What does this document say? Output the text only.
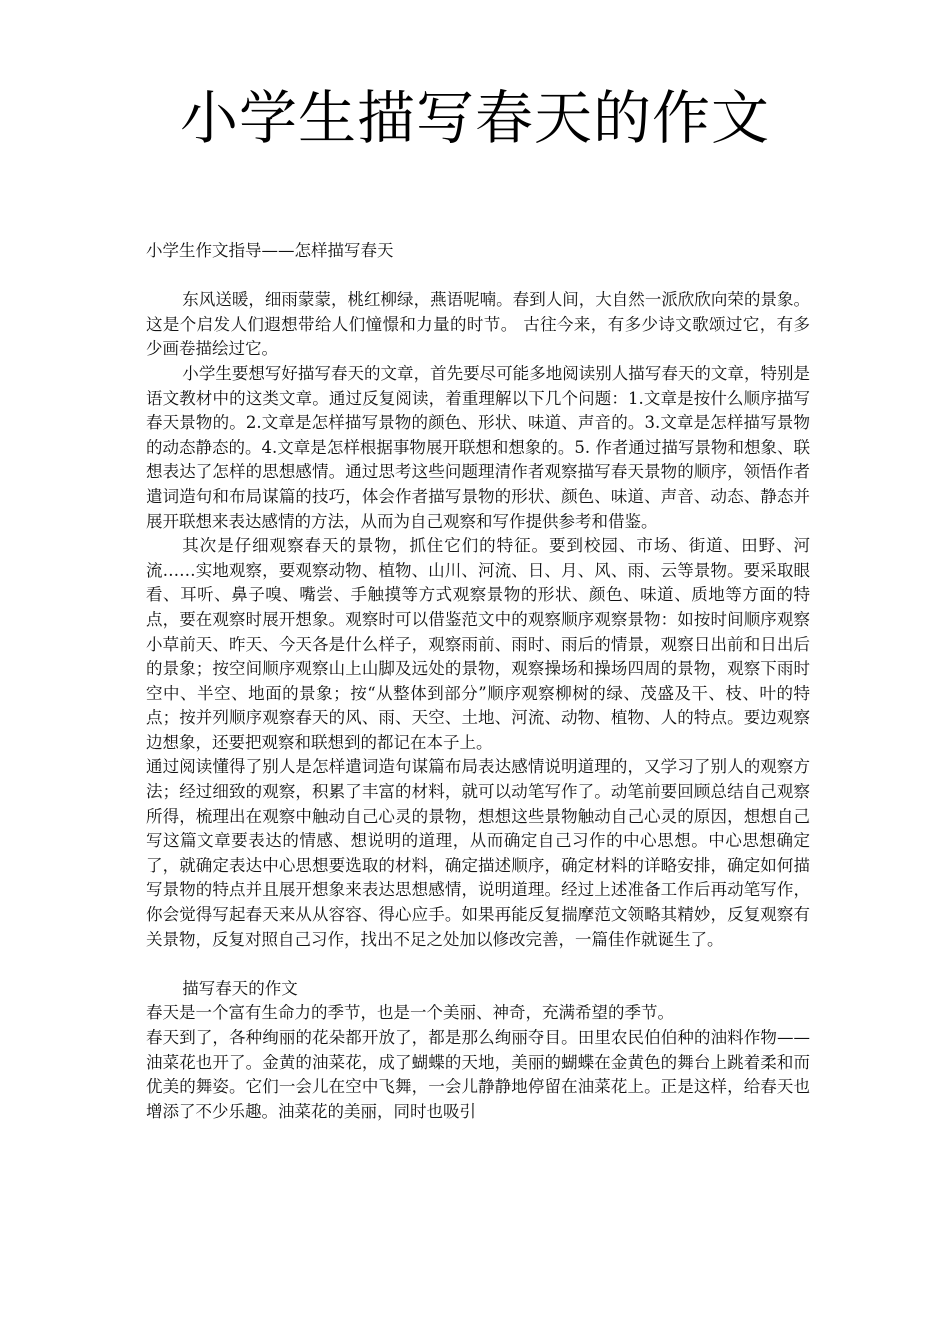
小学生描写春天的作文

小学生作文指导——怎样描写春天

东风送暖，细雨蒙蒙，桃红柳绿，燕语呢喃。春到人间，大自然一派欣欣向荣的景象。这是个启发人们遐想带给人们憧憬和力量的时节。 古往今来，有多少诗文歌颂过它，有多少画卷描绘过它。

小学生要想写好描写春天的文章，首先要尽可能多地阅读别人描写春天的文章，特别是语文教材中的这类文章。通过反复阅读，着重理解以下几个问题：1.文章是按什么顺序描写春天景物的。2.文章是怎样描写景物的颜色、形状、味道、声音的。3.文章是怎样描写景物的动态静态的。4.文章是怎样根据事物展开联想和想象的。5. 作者通过描写景物和想象、联想表达了怎样的思想感情。通过思考这些问题理清作者观察描写春天景物的顺序，领悟作者遣词造句和布局谋篇的技巧，体会作者描写景物的形状、颜色、味道、声音、动态、静态并展开联想来表达感情的方法，从而为自己观察和写作提供参考和借鉴。

其次是仔细观察春天的景物，抓住它们的特征。要到校园、市场、街道、田野、河流……实地观察，要观察动物、植物、山川、河流、日、月、风、雨、云等景物。要采取眼看、耳听、鼻子嗅、嘴尝、手触摸等方式观察景物的形状、颜色、味道、质地等方面的特点，要在观察时展开想象。观察时可以借鉴范文中的观察顺序观察景物：如按时间顺序观察小草前天、昨天、今天各是什么样子，观察雨前、雨时、雨后的情景，观察日出前和日出后的景象；按空间顺序观察山上山脚及远处的景物，观察操场和操场四周的景物，观察下雨时空中、半空、地面的景象；按“从整体到部分”顺序观察柳树的绿、茂盛及干、枝、叶的特点；按并列顺序观察春天的风、雨、天空、土地、河流、动物、植物、人的特点。要边观察边想象，还要把观察和联想到的都记在本子上。

通过阅读懂得了别人是怎样遣词造句谋篇布局表达感情说明道理的，又学习了别人的观察方法；经过细致的观察，积累了丰富的材料，就可以动笔写作了。动笔前要回顾总结自己观察所得，梳理出在观察中触动自己心灵的景物，想想这些景物触动自己心灵的原因，想想自己写这篇文章要表达的情感、想说明的道理，从而确定自己习作的中心思想。中心思想确定了，就确定表达中心思想要选取的材料，确定描述顺序，确定材料的详略安排，确定如何描写景物的特点并且展开想象来表达思想感情，说明道理。经过上述准备工作后再动笔写作，你会觉得写起春天来从从容容、得心应手。如果再能反复揣摩范文领略其精妙，反复观察有关景物，反复对照自己习作，找出不足之处加以修改完善，一篇佳作就诞生了。

描写春天的作文

春天是一个富有生命力的季节，也是一个美丽、神奇，充满希望的季节。

春天到了，各种绚丽的花朵都开放了，都是那么绚丽夺目。田里农民伯伯种的油料作物——油菜花也开了。金黄的油菜花，成了蝴蝶的天地，美丽的蝴蝶在金黄色的舞台上跳着柔和而优美的舞姿。它们一会儿在空中飞舞，一会儿静静地停留在油菜花上。正是这样，给春天也增添了不少乐趣。油菜花的美丽，同时也吸引
